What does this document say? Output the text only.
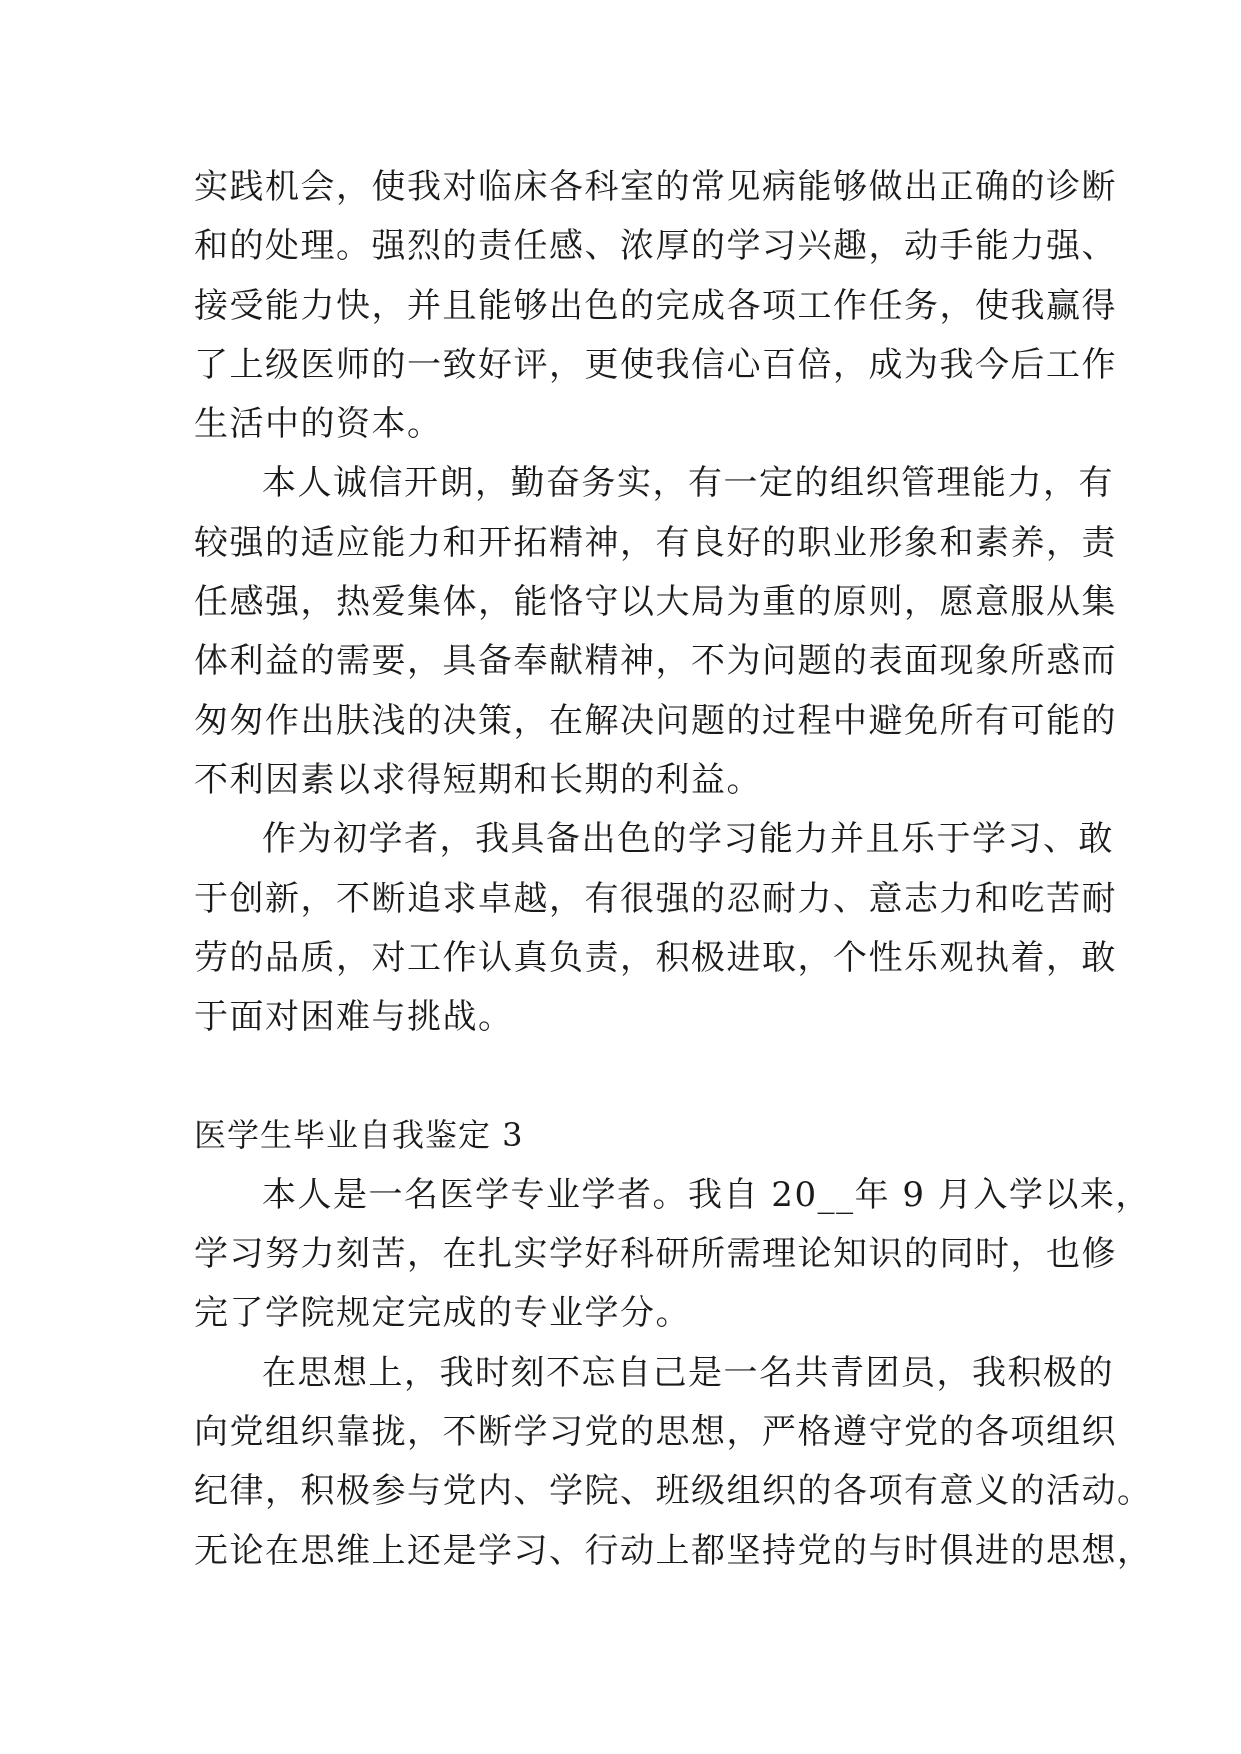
实践机会，使我对临床各科室的常见病能够做出正确的诊断
和的处理。强烈的责任感、浓厚的学习兴趣，动手能力强、
接受能力快，并且能够出色的完成各项工作任务，使我赢得
了上级医师的一致好评，更使我信心百倍，成为我今后工作
生活中的资本。
本人诚信开朗，勤奋务实，有一定的组织管理能力，有
较强的适应能力和开拓精神，有良好的职业形象和素养，责
任感强，热爱集体，能恪守以大局为重的原则，愿意服从集
体利益的需要，具备奉献精神，不为问题的表面现象所惑而
匆匆作出肤浅的决策，在解决问题的过程中避免所有可能的
不利因素以求得短期和长期的利益。
作为初学者，我具备出色的学习能力并且乐于学习、敢
于创新，不断追求卓越，有很强的忍耐力、意志力和吃苦耐
劳的品质，对工作认真负责，积极进取，个性乐观执着，敢
于面对困难与挑战。
医学生毕业自我鉴定 3
本人是一名医学专业学者。我自 20__年 9 月入学以来，
学习努力刻苦，在扎实学好科研所需理论知识的同时，也修
完了学院规定完成的专业学分。
在思想上，我时刻不忘自己是一名共青团员，我积极的
向党组织靠拢，不断学习党的思想，严格遵守党的各项组织
纪律，积极参与党内、学院、班级组织的各项有意义的活动。
无论在思维上还是学习、行动上都坚持党的与时俱进的思想，
